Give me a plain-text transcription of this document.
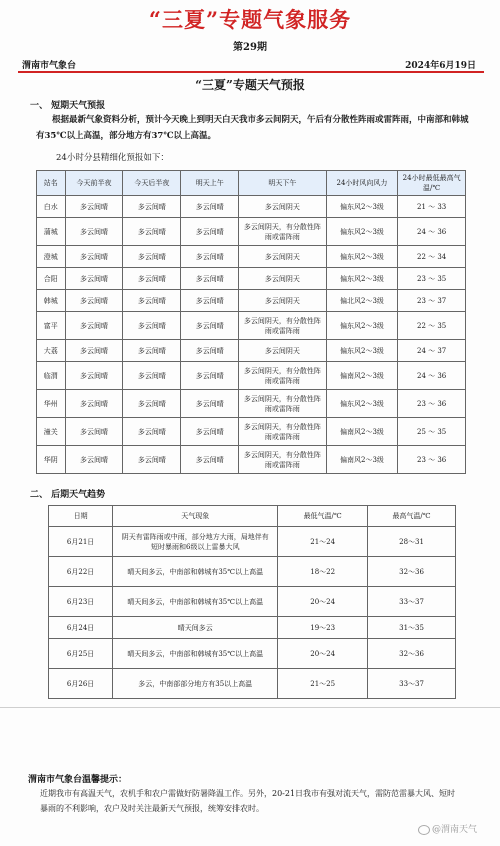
“三夏”专题气象服务
第29期
渭南市气象台	2024年6月19日
“三夏”专题天气预报
一、 短期天气预报
根据最新气象资料分析，预计今天晚上到明天白天我市多云间阴天，午后有分散性阵雨或雷阵雨，中南部和韩城有35℃以上高温，部分地方有37℃以上高温。
24小时分县精细化预报如下：
站名	今天前半夜	今天后半夜	明天上午	明天下午	24小时风向风力	24小时最低最高气温/℃
白水	多云间晴	多云间晴	多云间晴	多云间阴天	偏东风2～3级	21 ～ 33
蒲城	多云间晴	多云间晴	多云间晴	多云间阴天，有分散性阵雨或雷阵雨	偏东风2～3级	24 ～ 36
澄城	多云间晴	多云间晴	多云间晴	多云间阴天	偏东风2～3级	22 ～ 34
合阳	多云间晴	多云间晴	多云间晴	多云间阴天	偏东风2～3级	23 ～ 35
韩城	多云间晴	多云间晴	多云间晴	多云间阴天	偏北风2～3级	23 ～ 37
富平	多云间晴	多云间晴	多云间晴	多云间阴天，有分散性阵雨或雷阵雨	偏东风2～3级	22 ～ 35
大荔	多云间晴	多云间晴	多云间晴	多云间阴天	偏东风2～3级	24 ～ 37
临渭	多云间晴	多云间晴	多云间晴	多云间阴天，有分散性阵雨或雷阵雨	偏南风2～3级	24 ～ 36
华州	多云间晴	多云间晴	多云间晴	多云间阴天，有分散性阵雨或雷阵雨	偏东风2～3级	23 ～ 36
潼关	多云间晴	多云间晴	多云间晴	多云间阴天，有分散性阵雨或雷阵雨	偏南风2～3级	25 ～ 35
华阴	多云间晴	多云间晴	多云间晴	多云间阴天，有分散性阵雨或雷阵雨	偏南风2～3级	23 ～ 36
二、 后期天气趋势
日期	天气现象	最低气温/℃	最高气温/℃
6月21日	阴天有雷阵雨或中雨，部分地方大雨，局地伴有短时暴雨和6级以上雷暴大风	21～24	28～31
6月22日	晴天间多云，中南部和韩城有35℃以上高温	18～22	32～36
6月23日	晴天间多云，中南部和韩城有35℃以上高温	20～24	33～37
6月24日	晴天间多云	19～23	31～35
6月25日	晴天间多云，中南部和韩城有35℃以上高温	20～24	32～36
6月26日	多云，中南部部分地方有35以上高温	21～25	33～37
渭南市气象台温馨提示：
近期我市有高温天气，农机手和农户需做好防暑降温工作。另外，20-21日我市有强对流天气，需防范雷暴大风、短时暴雨的不利影响，农户及时关注最新天气预报，统筹安排农时。
@渭南天气
